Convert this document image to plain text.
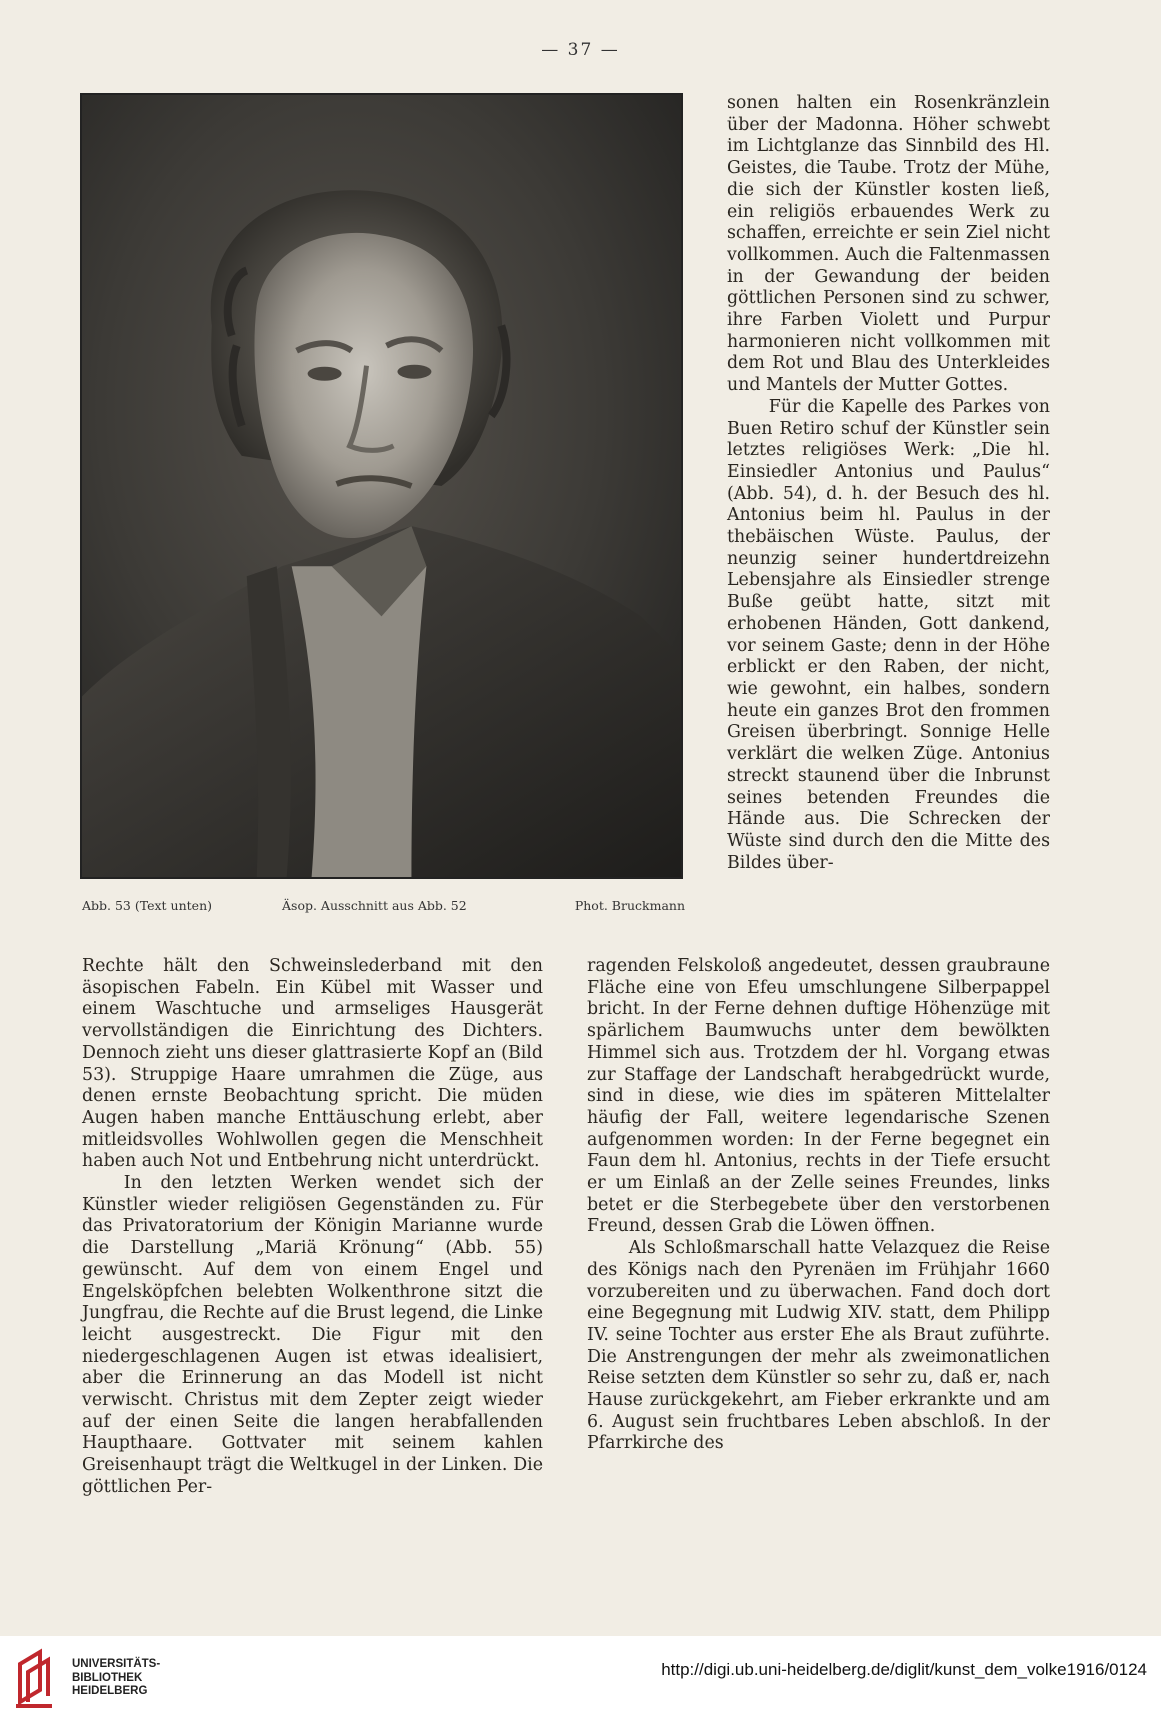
— 37 —
Abb. 53 (Text unten)	Äsop. Ausschnitt aus Abb. 52	Phot. Bruckmann

sonen halten ein Rosenkränzlein über der Madonna. Höher schwebt im Lichtglanze das Sinnbild des Hl. Geistes, die Taube. Trotz der Mühe, die sich der Künstler kosten ließ, ein religiös erbauendes Werk zu schaffen, erreichte er sein Ziel nicht vollkommen. Auch die Faltenmassen in der Gewandung der beiden göttlichen Personen sind zu schwer, ihre Farben Violett und Purpur harmonieren nicht vollkommen mit dem Rot und Blau des Unterkleides und Mantels der Mutter Gottes.

Für die Kapelle des Parkes von Buen Retiro schuf der Künstler sein letztes religiöses Werk: „Die hl. Einsiedler Antonius und Paulus“ (Abb. 54), d. h. der Besuch des hl. Antonius beim hl. Paulus in der thebäischen Wüste. Paulus, der neunzig seiner hundertdreizehn Lebensjahre als Einsiedler strenge Buße geübt hatte, sitzt mit erhobenen Händen, Gott dankend, vor seinem Gaste; denn in der Höhe erblickt er den Raben, der nicht, wie gewohnt, ein halbes, sondern heute ein ganzes Brot den frommen Greisen überbringt. Sonnige Helle verklärt die welken Züge. Antonius streckt staunend über die Inbrunst seines betenden Freundes die Hände aus. Die Schrecken der Wüste sind durch den die Mitte des Bildes über-

Rechte hält den Schweinslederband mit den äsopischen Fabeln. Ein Kübel mit Wasser und einem Waschtuche und armseliges Hausgerät vervollständigen die Einrichtung des Dichters. Dennoch zieht uns dieser glattrasierte Kopf an (Bild 53). Struppige Haare umrahmen die Züge, aus denen ernste Beobachtung spricht. Die müden Augen haben manche Enttäuschung erlebt, aber mitleidsvolles Wohlwollen gegen die Menschheit haben auch Not und Entbehrung nicht unterdrückt.

In den letzten Werken wendet sich der Künstler wieder religiösen Gegenständen zu. Für das Privatoratorium der Königin Marianne wurde die Darstellung „Mariä Krönung“ (Abb. 55) gewünscht. Auf dem von einem Engel und Engelsköpfchen belebten Wolkenthrone sitzt die Jungfrau, die Rechte auf die Brust legend, die Linke leicht ausgestreckt. Die Figur mit den niedergeschlagenen Augen ist etwas idealisiert, aber die Erinnerung an das Modell ist nicht verwischt. Christus mit dem Zepter zeigt wieder auf der einen Seite die langen herabfallenden Haupthaare. Gottvater mit seinem kahlen Greisenhaupt trägt die Weltkugel in der Linken. Die göttlichen Per-

ragenden Felskoloß angedeutet, dessen graubraune Fläche eine von Efeu umschlungene Silberpappel bricht. In der Ferne dehnen duftige Höhenzüge mit spärlichem Baumwuchs unter dem bewölkten Himmel sich aus. Trotzdem der hl. Vorgang etwas zur Staffage der Landschaft herabgedrückt wurde, sind in diese, wie dies im späteren Mittelalter häufig der Fall, weitere legendarische Szenen aufgenommen worden: In der Ferne begegnet ein Faun dem hl. Antonius, rechts in der Tiefe ersucht er um Einlaß an der Zelle seines Freundes, links betet er die Sterbegebete über den verstorbenen Freund, dessen Grab die Löwen öffnen.

Als Schloßmarschall hatte Velazquez die Reise des Königs nach den Pyrenäen im Frühjahr 1660 vorzubereiten und zu überwachen. Fand doch dort eine Begegnung mit Ludwig XIV. statt, dem Philipp IV. seine Tochter aus erster Ehe als Braut zuführte. Die Anstrengungen der mehr als zweimonatlichen Reise setzten dem Künstler so sehr zu, daß er, nach Hause zurückgekehrt, am Fieber erkrankte und am 6. August sein fruchtbares Leben abschloß. In der Pfarrkirche des

UNIVERSITÄTS-
BIBLIOTHEK
HEIDELBERG
http://digi.ub.uni-heidelberg.de/diglit/kunst_dem_volke1916/0124
